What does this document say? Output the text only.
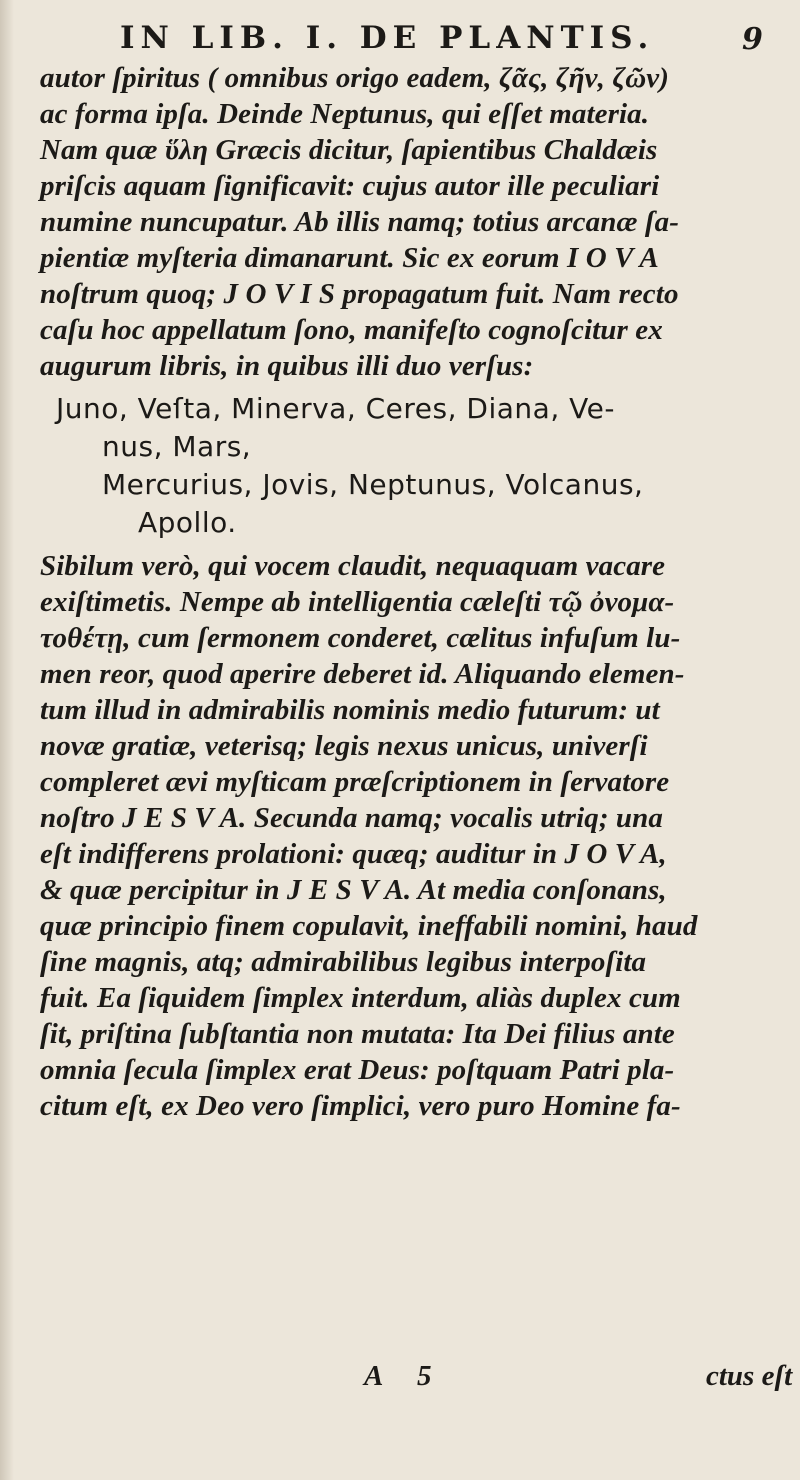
IN LIB. I. DE PLANTIS.	9
autor ſpiritus ( omnibus origo eadem, ζᾶς, ζῆν, ζῶν)
ac forma ipſa. Deinde Neptunus, qui eſſet materia.
Nam quæ ὕλη Græcis dicitur, ſapientibus Chaldæis
priſcis aquam ſignificavit: cujus autor ille peculiari
numine nuncupatur. Ab illis namq; totius arcanæ ſa-
pientiæ myſteria dimanarunt. Sic ex eorum I O V A
noſtrum quoq; J O V I S propagatum fuit. Nam recto
caſu hoc appellatum ſono, manifeſto cognoſcitur ex
augurum libris, in quibus illi duo verſus:
Juno, Veſta, Minerva, Ceres, Diana, Ve-
nus, Mars,
Mercurius, Jovis, Neptunus, Volcanus,
Apollo.
Sibilum verò, qui vocem claudit, nequaquam vacare
exiſtimetis. Nempe ab intelligentia cæleſti τῷ ὀνομα-
τοθέτῃ, cum ſermonem conderet, cælitus infuſum lu-
men reor, quod aperire deberet id. Aliquando elemen-
tum illud in admirabilis nominis medio futurum: ut
novæ gratiæ, veterisq; legis nexus unicus, univerſi
compleret ævi myſticam præſcriptionem in ſervatore
noſtro J E S V A. Secunda namq; vocalis utriq; una
eſt indifferens prolationi: quæq; auditur in J O V A,
& quæ percipitur in J E S V A. At media conſonans,
quæ principio finem copulavit, ineffabili nomini, haud
ſine magnis, atq; admirabilibus legibus interpoſita
fuit. Ea ſiquidem ſimplex interdum, aliàs duplex cum
ſit, priſtina ſubſtantia non mutata: Ita Dei filius ante
omnia ſecula ſimplex erat Deus: poſtquam Patri pla-
citum eſt, ex Deo vero ſimplici, vero puro Homine fa-
A 5	ctus eſt
